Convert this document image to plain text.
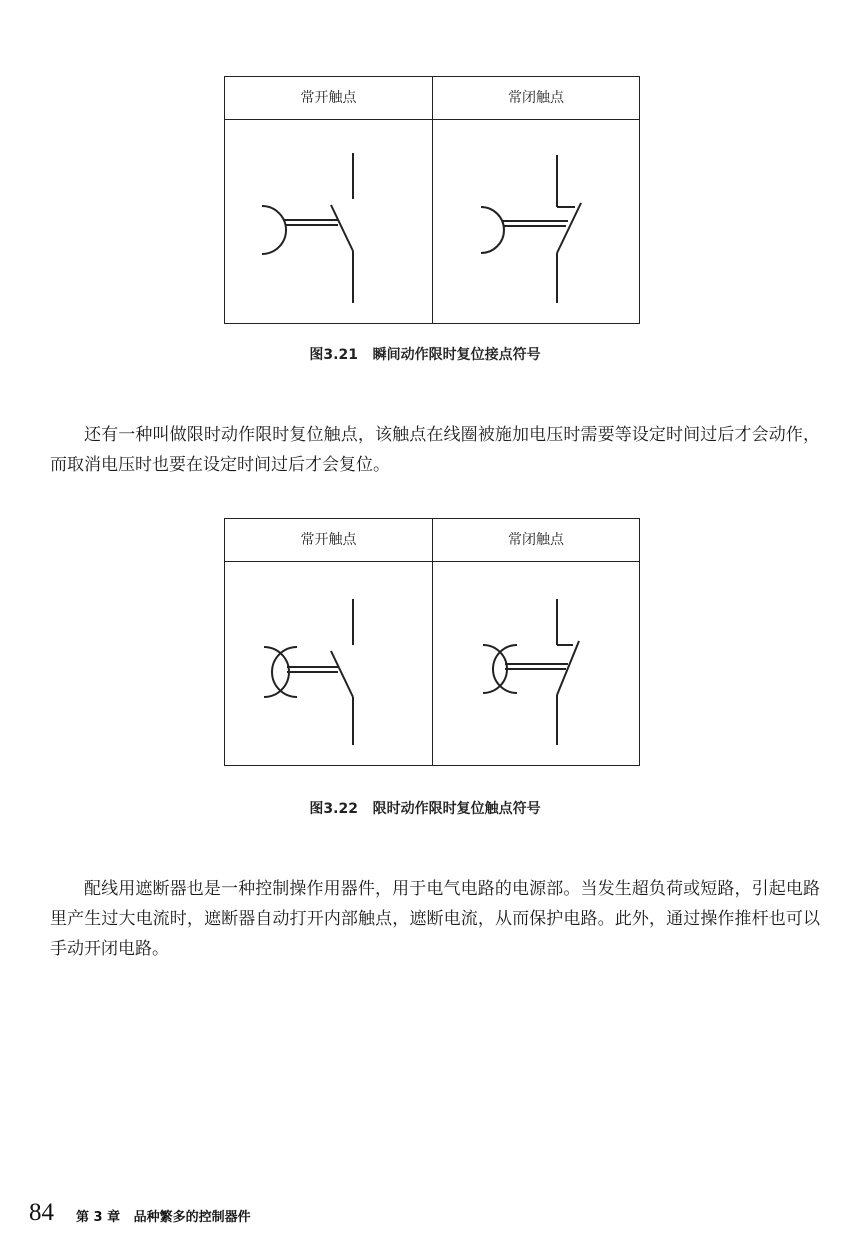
常开触点	常闭触点
图3.21   瞬间动作限时复位接点符号

还有一种叫做限时动作限时复位触点，该触点在线圈被施加电压时需要等设定时间过后才会动作，而取消电压时也要在设定时间过后才会复位。

常开触点	常闭触点
图3.22   限时动作限时复位触点符号

配线用遮断器也是一种控制操作用器件，用于电气电路的电源部。当发生超负荷或短路，引起电路里产生过大电流时，遮断器自动打开内部触点，遮断电流，从而保护电路。此外，通过操作推杆也可以手动开闭电路。

84 第 3 章   品种繁多的控制器件
